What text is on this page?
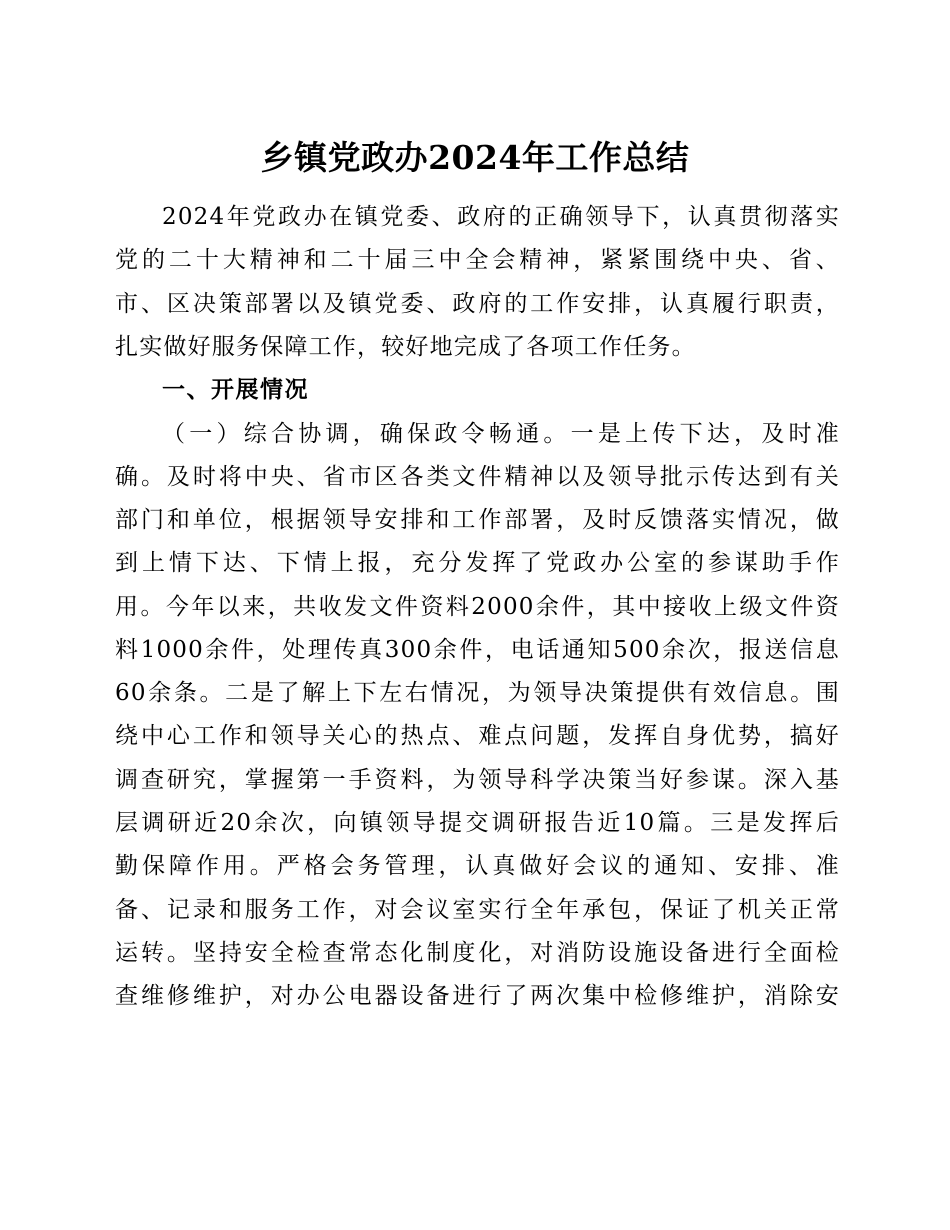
乡镇党政办2024年工作总结
2024年党政办在镇党委、政府的正确领导下，认真贯彻落实
党的二十大精神和二十届三中全会精神，紧紧围绕中央、省、
市、区决策部署以及镇党委、政府的工作安排，认真履行职责，
扎实做好服务保障工作，较好地完成了各项工作任务。
一、开展情况
（一）综合协调，确保政令畅通。一是上传下达，及时准
确。及时将中央、省市区各类文件精神以及领导批示传达到有关
部门和单位，根据领导安排和工作部署，及时反馈落实情况，做
到上情下达、下情上报，充分发挥了党政办公室的参谋助手作
用。今年以来，共收发文件资料2000余件，其中接收上级文件资
料1000余件，处理传真300余件，电话通知500余次，报送信息
60余条。二是了解上下左右情况，为领导决策提供有效信息。围
绕中心工作和领导关心的热点、难点问题，发挥自身优势，搞好
调查研究，掌握第一手资料，为领导科学决策当好参谋。深入基
层调研近20余次，向镇领导提交调研报告近10篇。三是发挥后
勤保障作用。严格会务管理，认真做好会议的通知、安排、准
备、记录和服务工作，对会议室实行全年承包，保证了机关正常
运转。坚持安全检查常态化制度化，对消防设施设备进行全面检
查维修维护，对办公电器设备进行了两次集中检修维护，消除安
